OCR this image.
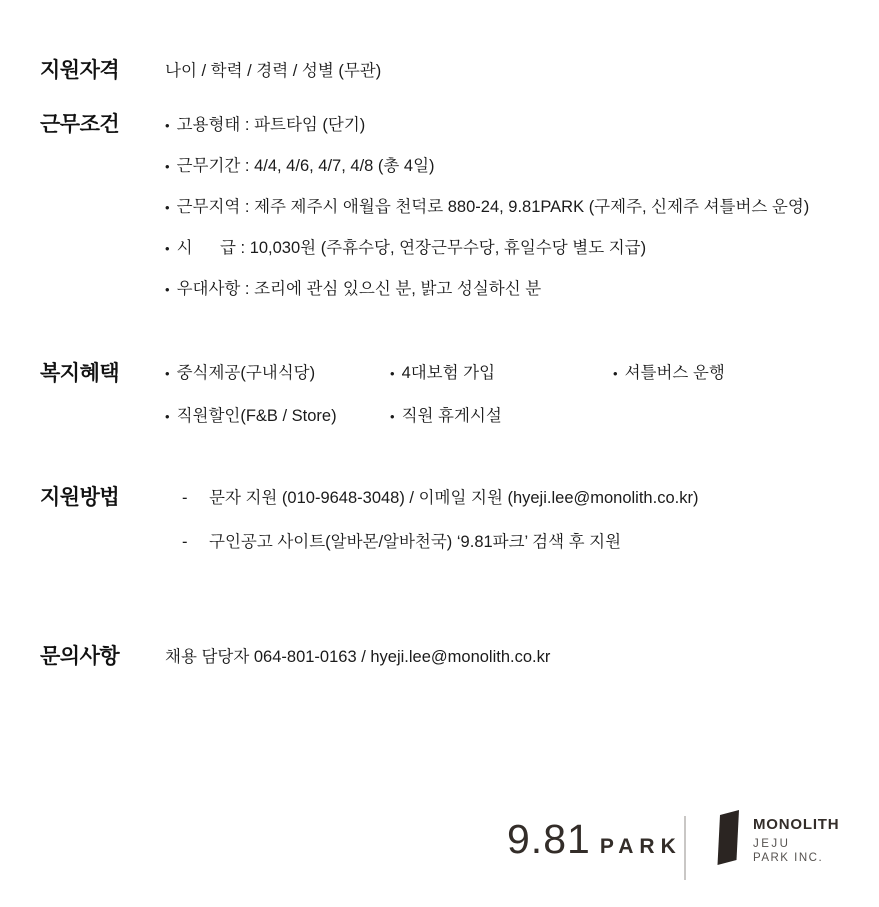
지원자격	나이 / 학력 / 경력 / 성별 (무관)
근무조건	• 고용형태 : 파트타임 (단기)
• 근무기간 : 4/4, 4/6, 4/7, 4/8 (총 4일)
• 근무지역 : 제주 제주시 애월읍 천덕로 880-24, 9.81PARK (구제주, 신제주 셔틀버스 운영)
• 시      급 : 10,030원 (주휴수당, 연장근무수당, 휴일수당 별도 지급)
• 우대사항 : 조리에 관심 있으신 분, 밝고 성실하신 분
복지혜택	• 중식제공(구내식당)	• 4대보험 가입	• 셔틀버스 운행
• 직원할인(F&B / Store)	• 직원 휴게시설
지원방법	-	문자 지원 (010-9648-3048) / 이메일 지원 (hyeji.lee@monolith.co.kr)
-	구인공고 사이트(알바몬/알바천국) ‘9.81파크’ 검색 후 지원
문의사항	채용 담당자 064-801-0163 / hyeji.lee@monolith.co.kr
9.81 PARK
MONOLITH
JEJU
PARK INC.
